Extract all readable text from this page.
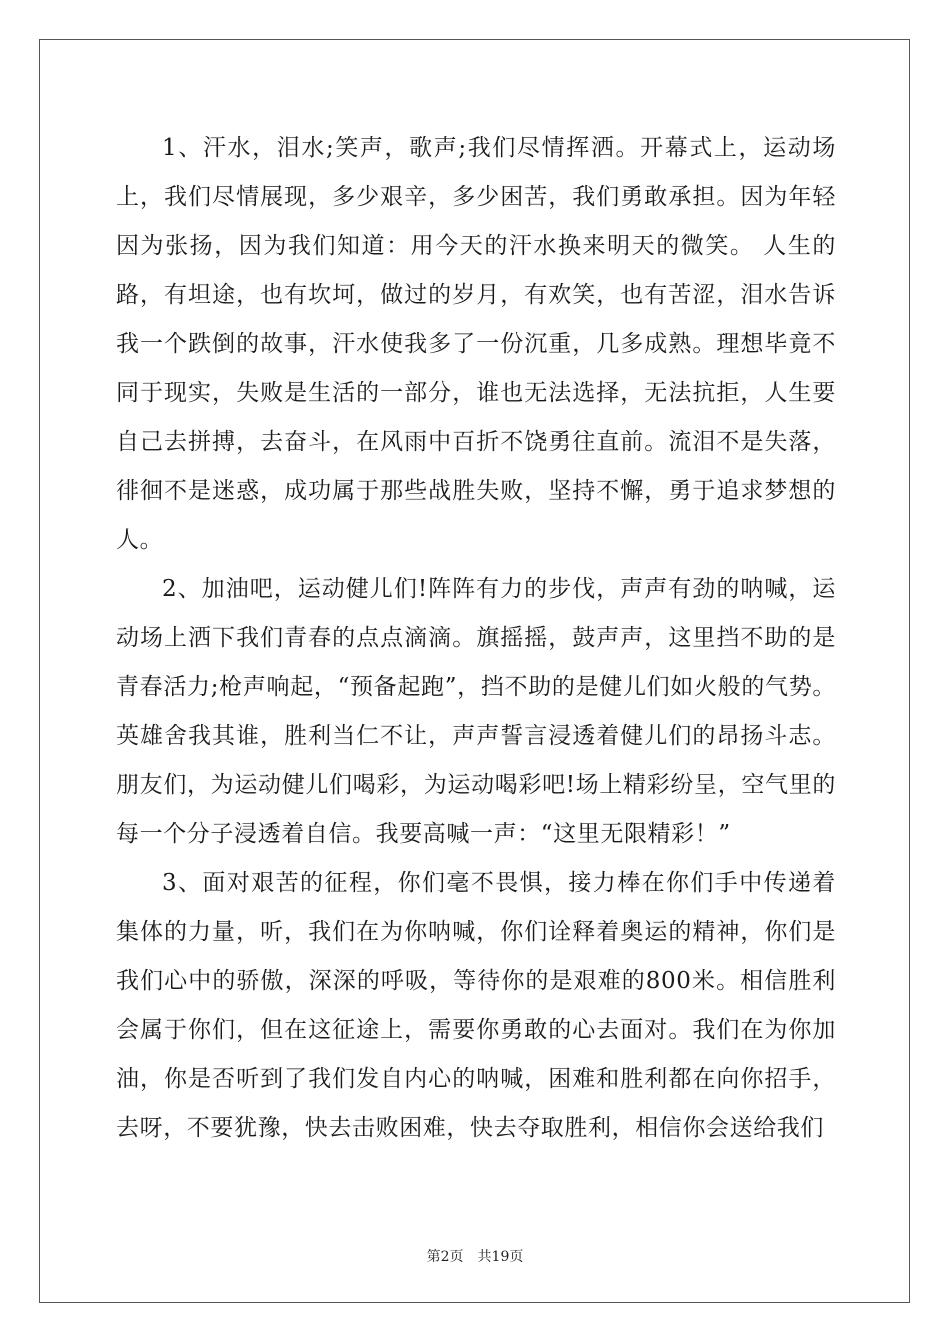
1、汗水，泪水;笑声，歌声;我们尽情挥洒。开幕式上，运动场上，我们尽情展现，多少艰辛，多少困苦，我们勇敢承担。因为年轻因为张扬，因为我们知道：用今天的汗水换来明天的微笑。 人生的路，有坦途，也有坎坷，做过的岁月，有欢笑，也有苦涩，泪水告诉我一个跌倒的故事，汗水使我多了一份沉重，几多成熟。理想毕竟不同于现实，失败是生活的一部分，谁也无法选择，无法抗拒，人生要自己去拼搏，去奋斗，在风雨中百折不饶勇往直前。流泪不是失落，徘徊不是迷惑，成功属于那些战胜失败，坚持不懈，勇于追求梦想的人。

2、加油吧，运动健儿们!阵阵有力的步伐，声声有劲的呐喊，运动场上洒下我们青春的点点滴滴。旗摇摇，鼓声声，这里挡不助的是青春活力;枪声响起，“预备起跑”，挡不助的是健儿们如火般的气势。英雄舍我其谁，胜利当仁不让，声声誓言浸透着健儿们的昂扬斗志。朋友们，为运动健儿们喝彩，为运动喝彩吧!场上精彩纷呈，空气里的每一个分子浸透着自信。我要高喊一声：“这里无限精彩！”

3、面对艰苦的征程，你们毫不畏惧，接力棒在你们手中传递着集体的力量，听，我们在为你呐喊，你们诠释着奥运的精神，你们是我们心中的骄傲，深深的呼吸，等待你的是艰难的800米。相信胜利会属于你们，但在这征途上，需要你勇敢的心去面对。我们在为你加油，你是否听到了我们发自内心的呐喊，困难和胜利都在向你招手，去呀，不要犹豫，快去击败困难，快去夺取胜利，相信你会送给我们

第2页 共19页
